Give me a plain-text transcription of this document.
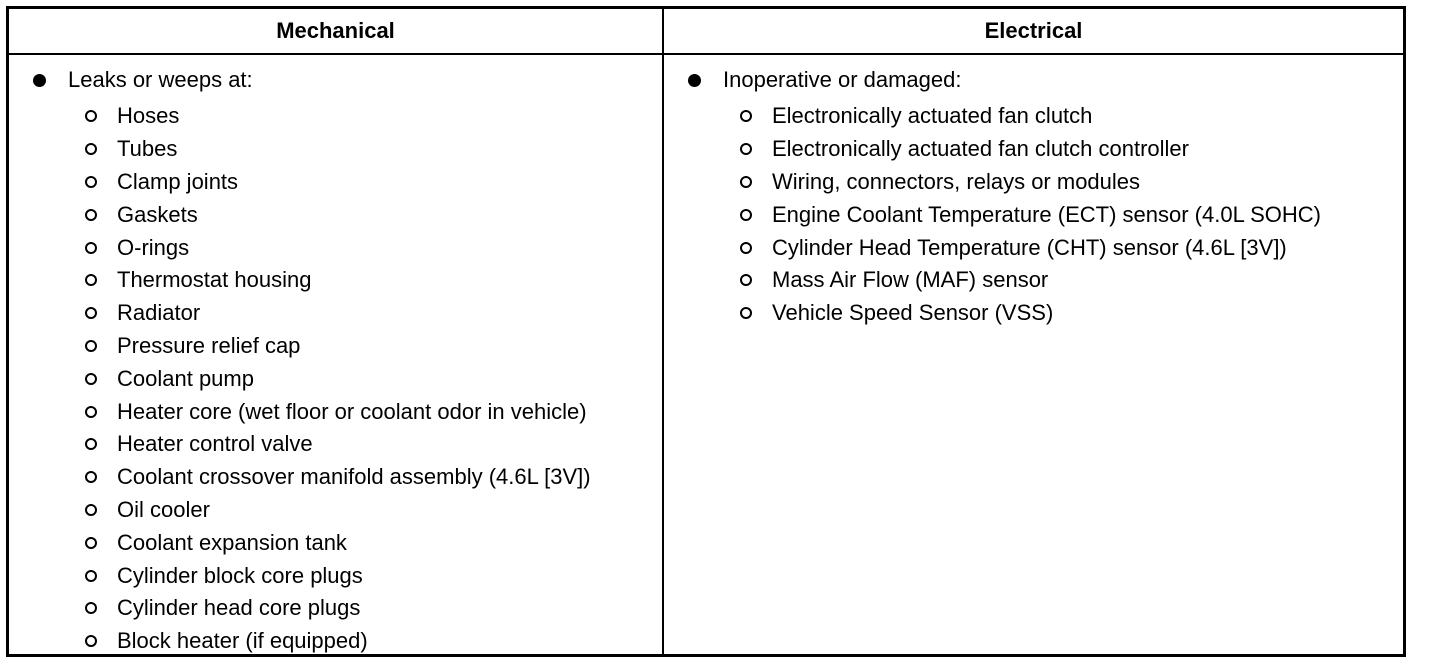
Mechanical	Electrical
Leaks or weeps at:
Hoses
Tubes
Clamp joints
Gaskets
O-rings
Thermostat housing
Radiator
Pressure relief cap
Coolant pump
Heater core (wet floor or coolant odor in vehicle)
Heater control valve
Coolant crossover manifold assembly (4.6L [3V])
Oil cooler
Coolant expansion tank
Cylinder block core plugs
Cylinder head core plugs
Block heater (if equipped)
Inoperative or damaged:
Electronically actuated fan clutch
Electronically actuated fan clutch controller
Wiring, connectors, relays or modules
Engine Coolant Temperature (ECT) sensor (4.0L SOHC)
Cylinder Head Temperature (CHT) sensor (4.6L [3V])
Mass Air Flow (MAF) sensor
Vehicle Speed Sensor (VSS)
